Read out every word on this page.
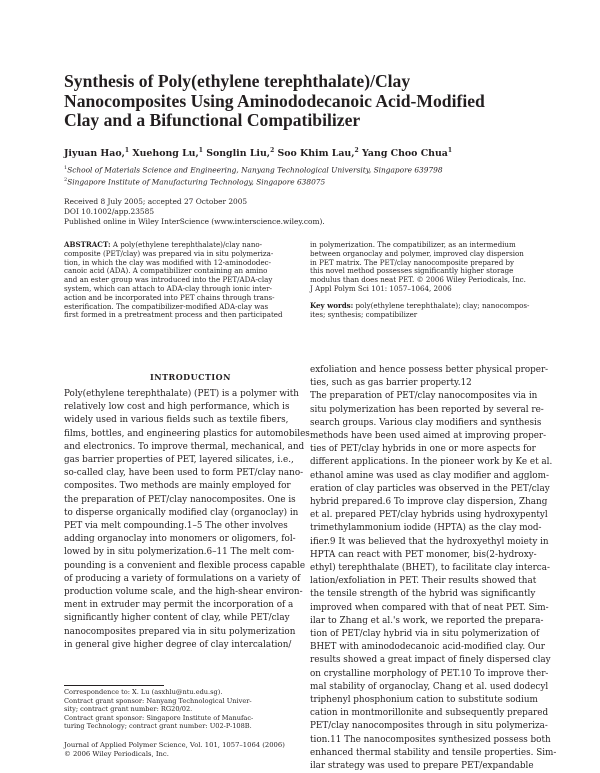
Synthesis of Poly(ethylene terephthalate)/Clay
Nanocomposites Using Aminododecanoic Acid-Modified
Clay and a Bifunctional Compatibilizer
Jiyuan Hao,$^1$ Xuehong Lu,$^1$ Songlin Liu,$^2$ Soo Khim Lau,$^2$ Yang Choo Chua$^1$
$^1$School of Materials Science and Engineering, Nanyang Technological University, Singapore 639798
$^2$Singapore Institute of Manufacturing Technology, Singapore 638075
Received 8 July 2005; accepted 27 October 2005
DOI 10.1002/app.23585
Published online in Wiley InterScience (www.interscience.wiley.com).
ABSTRACT: A poly(ethylene terephthalate)/clay nano-
composite (PET/clay) was prepared via in situ polymeriza-
tion, in which the clay was modified with 12-aminododec-
canoic acid (ADA). A compatibilizer containing an amino
and an ester group was introduced into the PET/ADA-clay
system, which can attach to ADA-clay through ionic inter-
action and be incorporated into PET chains through trans-
esterification. The compatibilizer-modified ADA-clay was
first formed in a pretreatment process and then participated
in polymerization. The compatibilizer, as an intermedium
between organoclay and polymer, improved clay dispersion
in PET matrix. The PET/clay nanocomposite prepared by
this novel method possesses significantly higher storage
modulus than does neat PET. © 2006 Wiley Periodicals, Inc.
J Appl Polym Sci 101: 1057–1064, 2006
Key words: poly(ethylene terephthalate); clay; nanocompos-
ites; synthesis; compatibilizer
INTRODUCTION
Poly(ethylene terephthalate) (PET) is a polymer with
relatively low cost and high performance, which is
widely used in various fields such as textile fibers,
films, bottles, and engineering plastics for automobiles
and electronics. To improve thermal, mechanical, and
gas barrier properties of PET, layered silicates, i.e.,
so-called clay, have been used to form PET/clay nano-
composites. Two methods are mainly employed for
the preparation of PET/clay nanocomposites. One is
to disperse organically modified clay (organoclay) in
PET via melt compounding.1–5 The other involves
adding organoclay into monomers or oligomers, fol-
lowed by in situ polymerization.6–11 The melt com-
pounding is a convenient and flexible process capable
of producing a variety of formulations on a variety of
production volume scale, and the high-shear environ-
ment in extruder may permit the incorporation of a
significantly higher content of clay, while PET/clay
nanocomposites prepared via in situ polymerization
in general give higher degree of clay intercalation/
exfoliation and hence possess better physical proper-
ties, such as gas barrier property.12
The preparation of PET/clay nanocomposites via in
situ polymerization has been reported by several re-
search groups. Various clay modifiers and synthesis
methods have been used aimed at improving proper-
ties of PET/clay hybrids in one or more aspects for
different applications. In the pioneer work by Ke et al.
ethanol amine was used as clay modifier and agglom-
eration of clay particles was observed in the PET/clay
hybrid prepared.6 To improve clay dispersion, Zhang
et al. prepared PET/clay hybrids using hydroxypentyl
trimethylammonium iodide (HPTA) as the clay mod-
ifier.9 It was believed that the hydroxyethyl moiety in
HPTA can react with PET monomer, bis(2-hydroxy-
ethyl) terephthalate (BHET), to facilitate clay interca-
lation/exfoliation in PET. Their results showed that
the tensile strength of the hybrid was significantly
improved when compared with that of neat PET. Sim-
ilar to Zhang et al.'s work, we reported the prepara-
tion of PET/clay hybrid via in situ polymerization of
BHET with aminododecanoic acid-modified clay. Our
results showed a great impact of finely dispersed clay
on crystalline morphology of PET.10 To improve ther-
mal stability of organoclay, Chang et al. used dodecyl
triphenyl phosphonium cation to substitute sodium
cation in montmorillonite and subsequently prepared
PET/clay nanocomposites through in situ polymeriza-
tion.11 The nanocomposites synthesized possess both
enhanced thermal stability and tensile properties. Sim-
ilar strategy was used to prepare PET/expandable
Correspondence to: X. Lu (asxhlu@ntu.edu.sg).
Contract grant sponsor: Nanyang Technological Univer-
sity; contract grant number: RG20/02.
Contract grant sponsor: Singapore Institute of Manufac-
turing Technology; contract grant number: U02-P-108B.
Journal of Applied Polymer Science, Vol. 101, 1057–1064 (2006)
© 2006 Wiley Periodicals, Inc.
